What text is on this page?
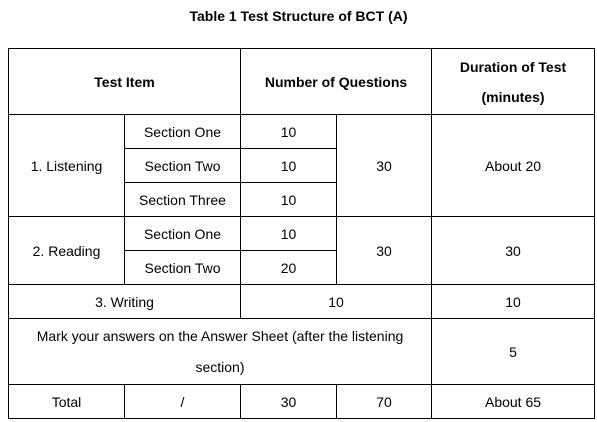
Table 1 Test Structure of BCT (A)
Test Item		Number of Questions		Duration of Test (minutes)
1. Listening	Section One	10	30	About 20
	Section Two	10		
	Section Three	10		
2. Reading	Section One	10	30	30
	Section Two	20		
3. Writing		10		10
Mark your answers on the Answer Sheet (after the listening section)				5
Total	/	30	70	About 65
